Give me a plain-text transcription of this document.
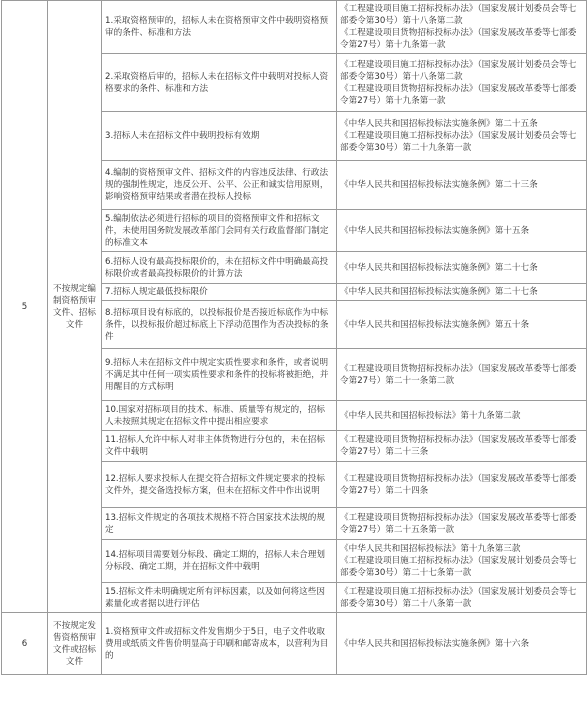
5	不按规定编制资格预审文件、招标文件	1.采取资格预审的，招标人未在资格预审文件中载明资格预审的条件、标准和方法	《工程建设项目施工招标投标办法》（国家发展计划委员会等七部委令第30号）第十八条第二款
《工程建设项目货物招标投标办法》（国家发展改革委等七部委令第27号）第十九条第一款

		2.采取资格后审的，招标人未在招标文件中载明对投标人资格要求的条件、标准和方法	《工程建设项目施工招标投标办法》（国家发展计划委员会等七部委令第30号）第十八条第二款
《工程建设项目货物招标投标办法》（国家发展改革委等七部委令第27号）第十九条第一款

		3.招标人未在招标文件中载明投标有效期	《中华人民共和国招标投标法实施条例》第二十五条
《工程建设项目施工招标投标办法》（国家发展计划委员会等七部委令第30号）第二十九条第一款

		4.编制的资格预审文件、招标文件的内容违反法律、行政法规的强制性规定，违反公开、公平、公正和诚实信用原则，影响资格预审结果或者潜在投标人投标	《中华人民共和国招标投标法实施条例》第二十三条

		5.编制依法必须进行招标的项目的资格预审文件和招标文件，未使用国务院发展改革部门会同有关行政监督部门制定的标准文本	《中华人民共和国招标投标法实施条例》第十五条

		6.招标人设有最高投标限价的，未在招标文件中明确最高投标限价或者最高投标限价的计算方法	《中华人民共和国招标投标法实施条例》第二十七条

		7.招标人规定最低投标限价	《中华人民共和国招标投标法实施条例》第二十七条

		8.招标项目设有标底的，以投标报价是否接近标底作为中标条件，以投标报价超过标底上下浮动范围作为否决投标的条件	《中华人民共和国招标投标法实施条例》第五十条

		9.招标人未在招标文件中规定实质性要求和条件，或者说明不满足其中任何一项实质性要求和条件的投标将被拒绝，并用醒目的方式标明	《工程建设项目货物招标投标办法》（国家发展改革委等七部委令第27号）第二十一条第二款

		10.国家对招标项目的技术、标准、质量等有规定的，招标人未按照其规定在招标文件中提出相应要求	《中华人民共和国招标投标法》第十九条第二款

		11.招标人允许中标人对非主体货物进行分包的，未在招标文件中载明	《工程建设项目货物招标投标办法》（国家发展改革委等七部委令第27号）第二十三条

		12.招标人要求投标人在提交符合招标文件规定要求的投标文件外，提交备选投标方案，但未在招标文件中作出说明	《工程建设项目货物招标投标办法》（国家发展改革委等七部委令第27号）第二十四条

		13.招标文件规定的各项技术规格不符合国家技术法规的规定	《工程建设项目货物招标投标办法》（国家发展改革委等七部委令第27号）第二十五条第一款

		14.招标项目需要划分标段、确定工期的，招标人未合理划分标段、确定工期，并在招标文件中载明	《中华人民共和国招标投标法》第十九条第三款
《工程建设项目施工招标投标办法》（国家发展计划委员会等七部委令第30号）第二十七条第一款

		15.招标文件未明确规定所有评标因素，以及如何将这些因素量化或者据以进行评估	《工程建设项目施工招标投标办法》（国家发展计划委员会等七部委令第30号）第二十八条第一款

6	不按规定发售资格预审文件或招标文件	1.资格预审文件或招标文件发售期少于5日，电子文件收取费用或纸质文件售价明显高于印刷和邮寄成本，以营利为目的	《中华人民共和国招标投标法实施条例》第十六条
